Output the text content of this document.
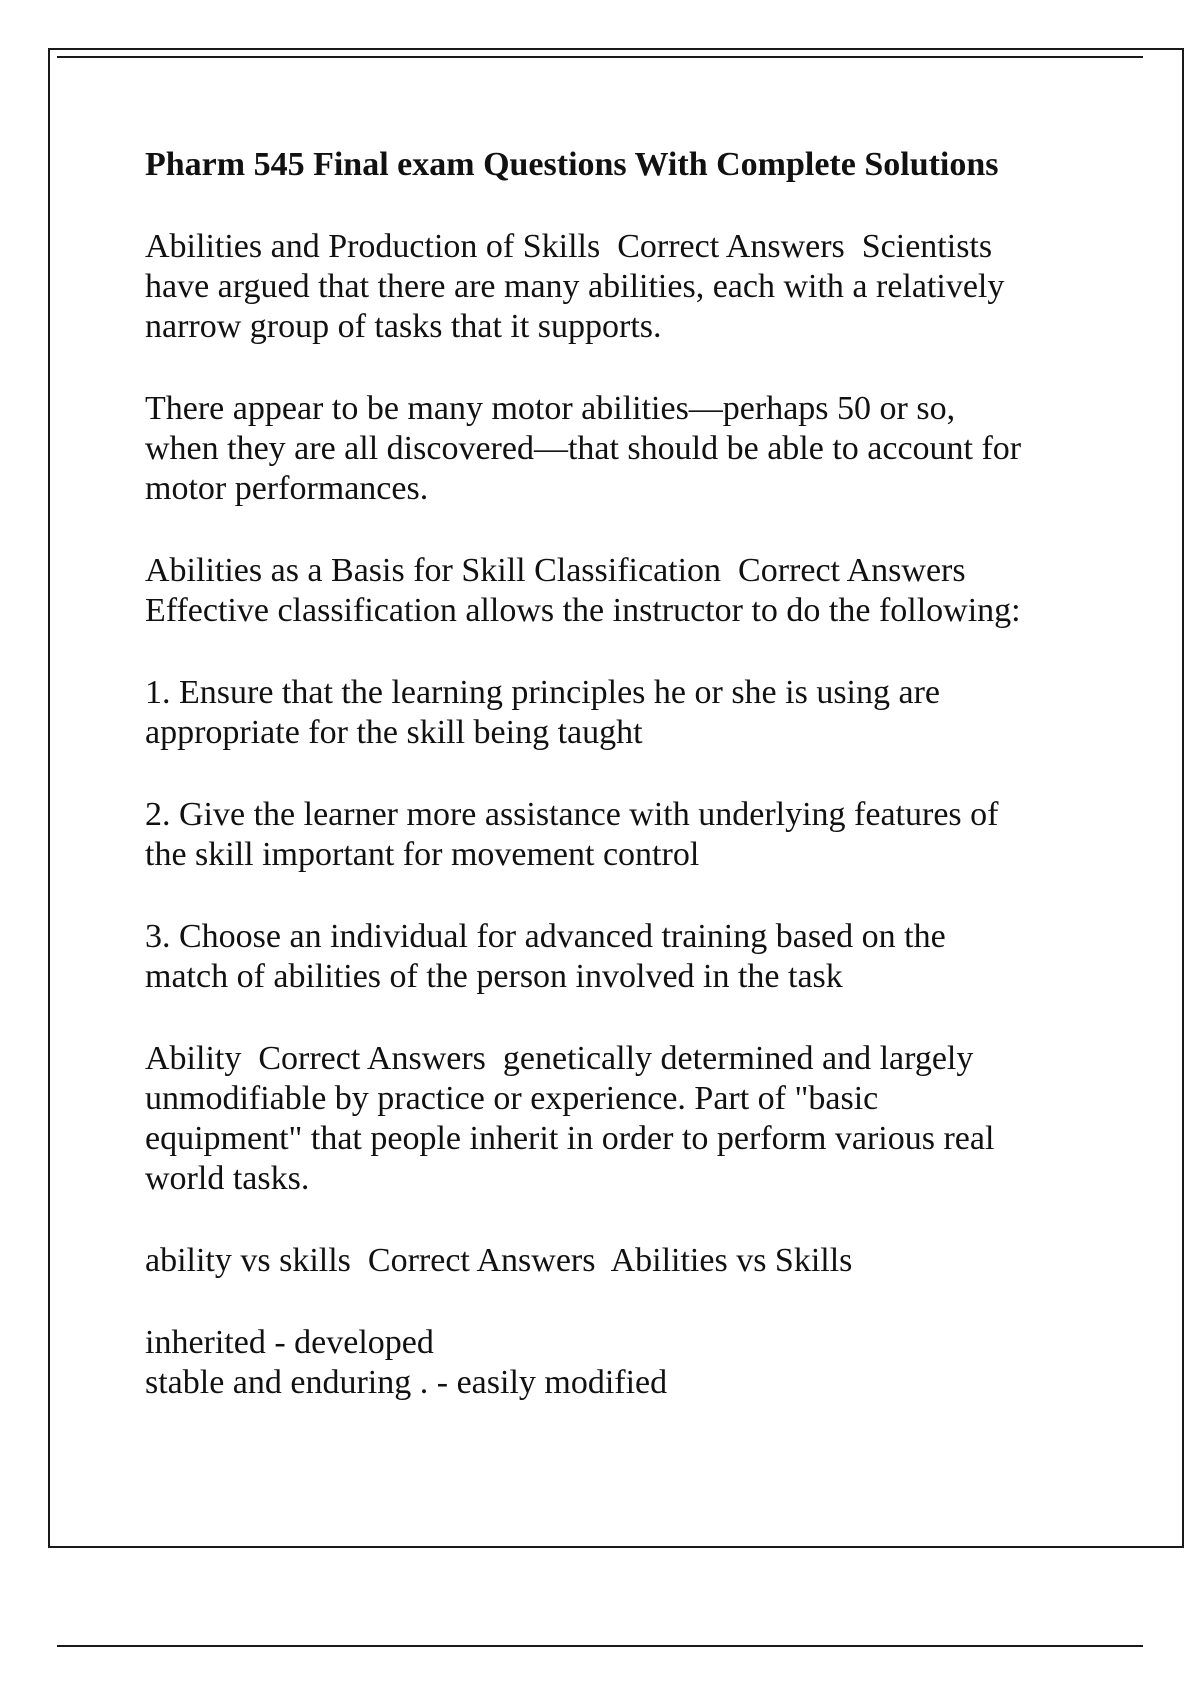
Pharm 545 Final exam Questions With Complete Solutions
Abilities and Production of Skills  Correct Answers  Scientists
have argued that there are many abilities, each with a relatively
narrow group of tasks that it supports.
There appear to be many motor abilities—perhaps 50 or so,
when they are all discovered—that should be able to account for
motor performances.
Abilities as a Basis for Skill Classification  Correct Answers
Effective classification allows the instructor to do the following:
1. Ensure that the learning principles he or she is using are
appropriate for the skill being taught
2. Give the learner more assistance with underlying features of
the skill important for movement control
3. Choose an individual for advanced training based on the
match of abilities of the person involved in the task
Ability  Correct Answers  genetically determined and largely
unmodifiable by practice or experience. Part of "basic
equipment" that people inherit in order to perform various real
world tasks.
ability vs skills  Correct Answers  Abilities vs Skills
inherited - developed
stable and enduring . - easily modified
